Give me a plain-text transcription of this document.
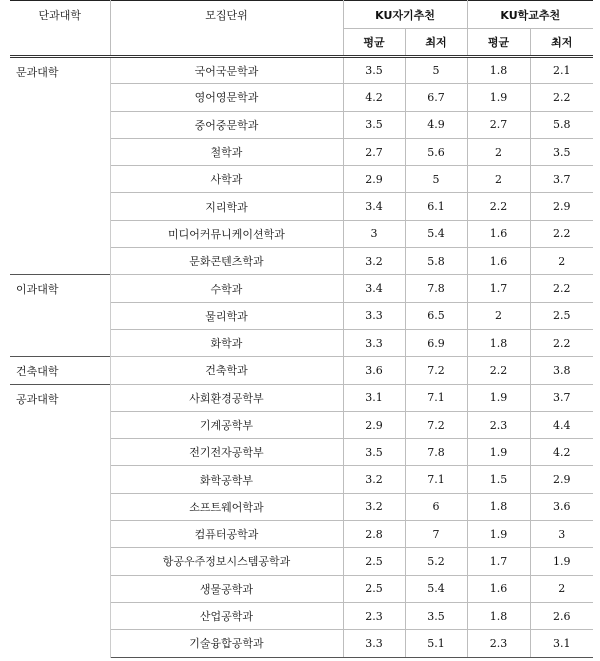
단과대학	모집단위	KU자기추천		KU학교추천	
		평균	최저	평균	최저
문과대학	국어국문학과	3.5	5	1.8	2.1
	영어영문학과	4.2	6.7	1.9	2.2
	중어중문학과	3.5	4.9	2.7	5.8
	철학과	2.7	5.6	2	3.5
	사학과	2.9	5	2	3.7
	지리학과	3.4	6.1	2.2	2.9
	미디어커뮤니케이션학과	3	5.4	1.6	2.2
	문화콘텐츠학과	3.2	5.8	1.6	2
이과대학	수학과	3.4	7.8	1.7	2.2
	물리학과	3.3	6.5	2	2.5
	화학과	3.3	6.9	1.8	2.2
건축대학	건축학과	3.6	7.2	2.2	3.8
공과대학	사회환경공학부	3.1	7.1	1.9	3.7
	기계공학부	2.9	7.2	2.3	4.4
	전기전자공학부	3.5	7.8	1.9	4.2
	화학공학부	3.2	7.1	1.5	2.9
	소프트웨어학과	3.2	6	1.8	3.6
	컴퓨터공학과	2.8	7	1.9	3
	항공우주정보시스템공학과	2.5	5.2	1.7	1.9
	생물공학과	2.5	5.4	1.6	2
	산업공학과	2.3	3.5	1.8	2.6
	기술융합공학과	3.3	5.1	2.3	3.1
